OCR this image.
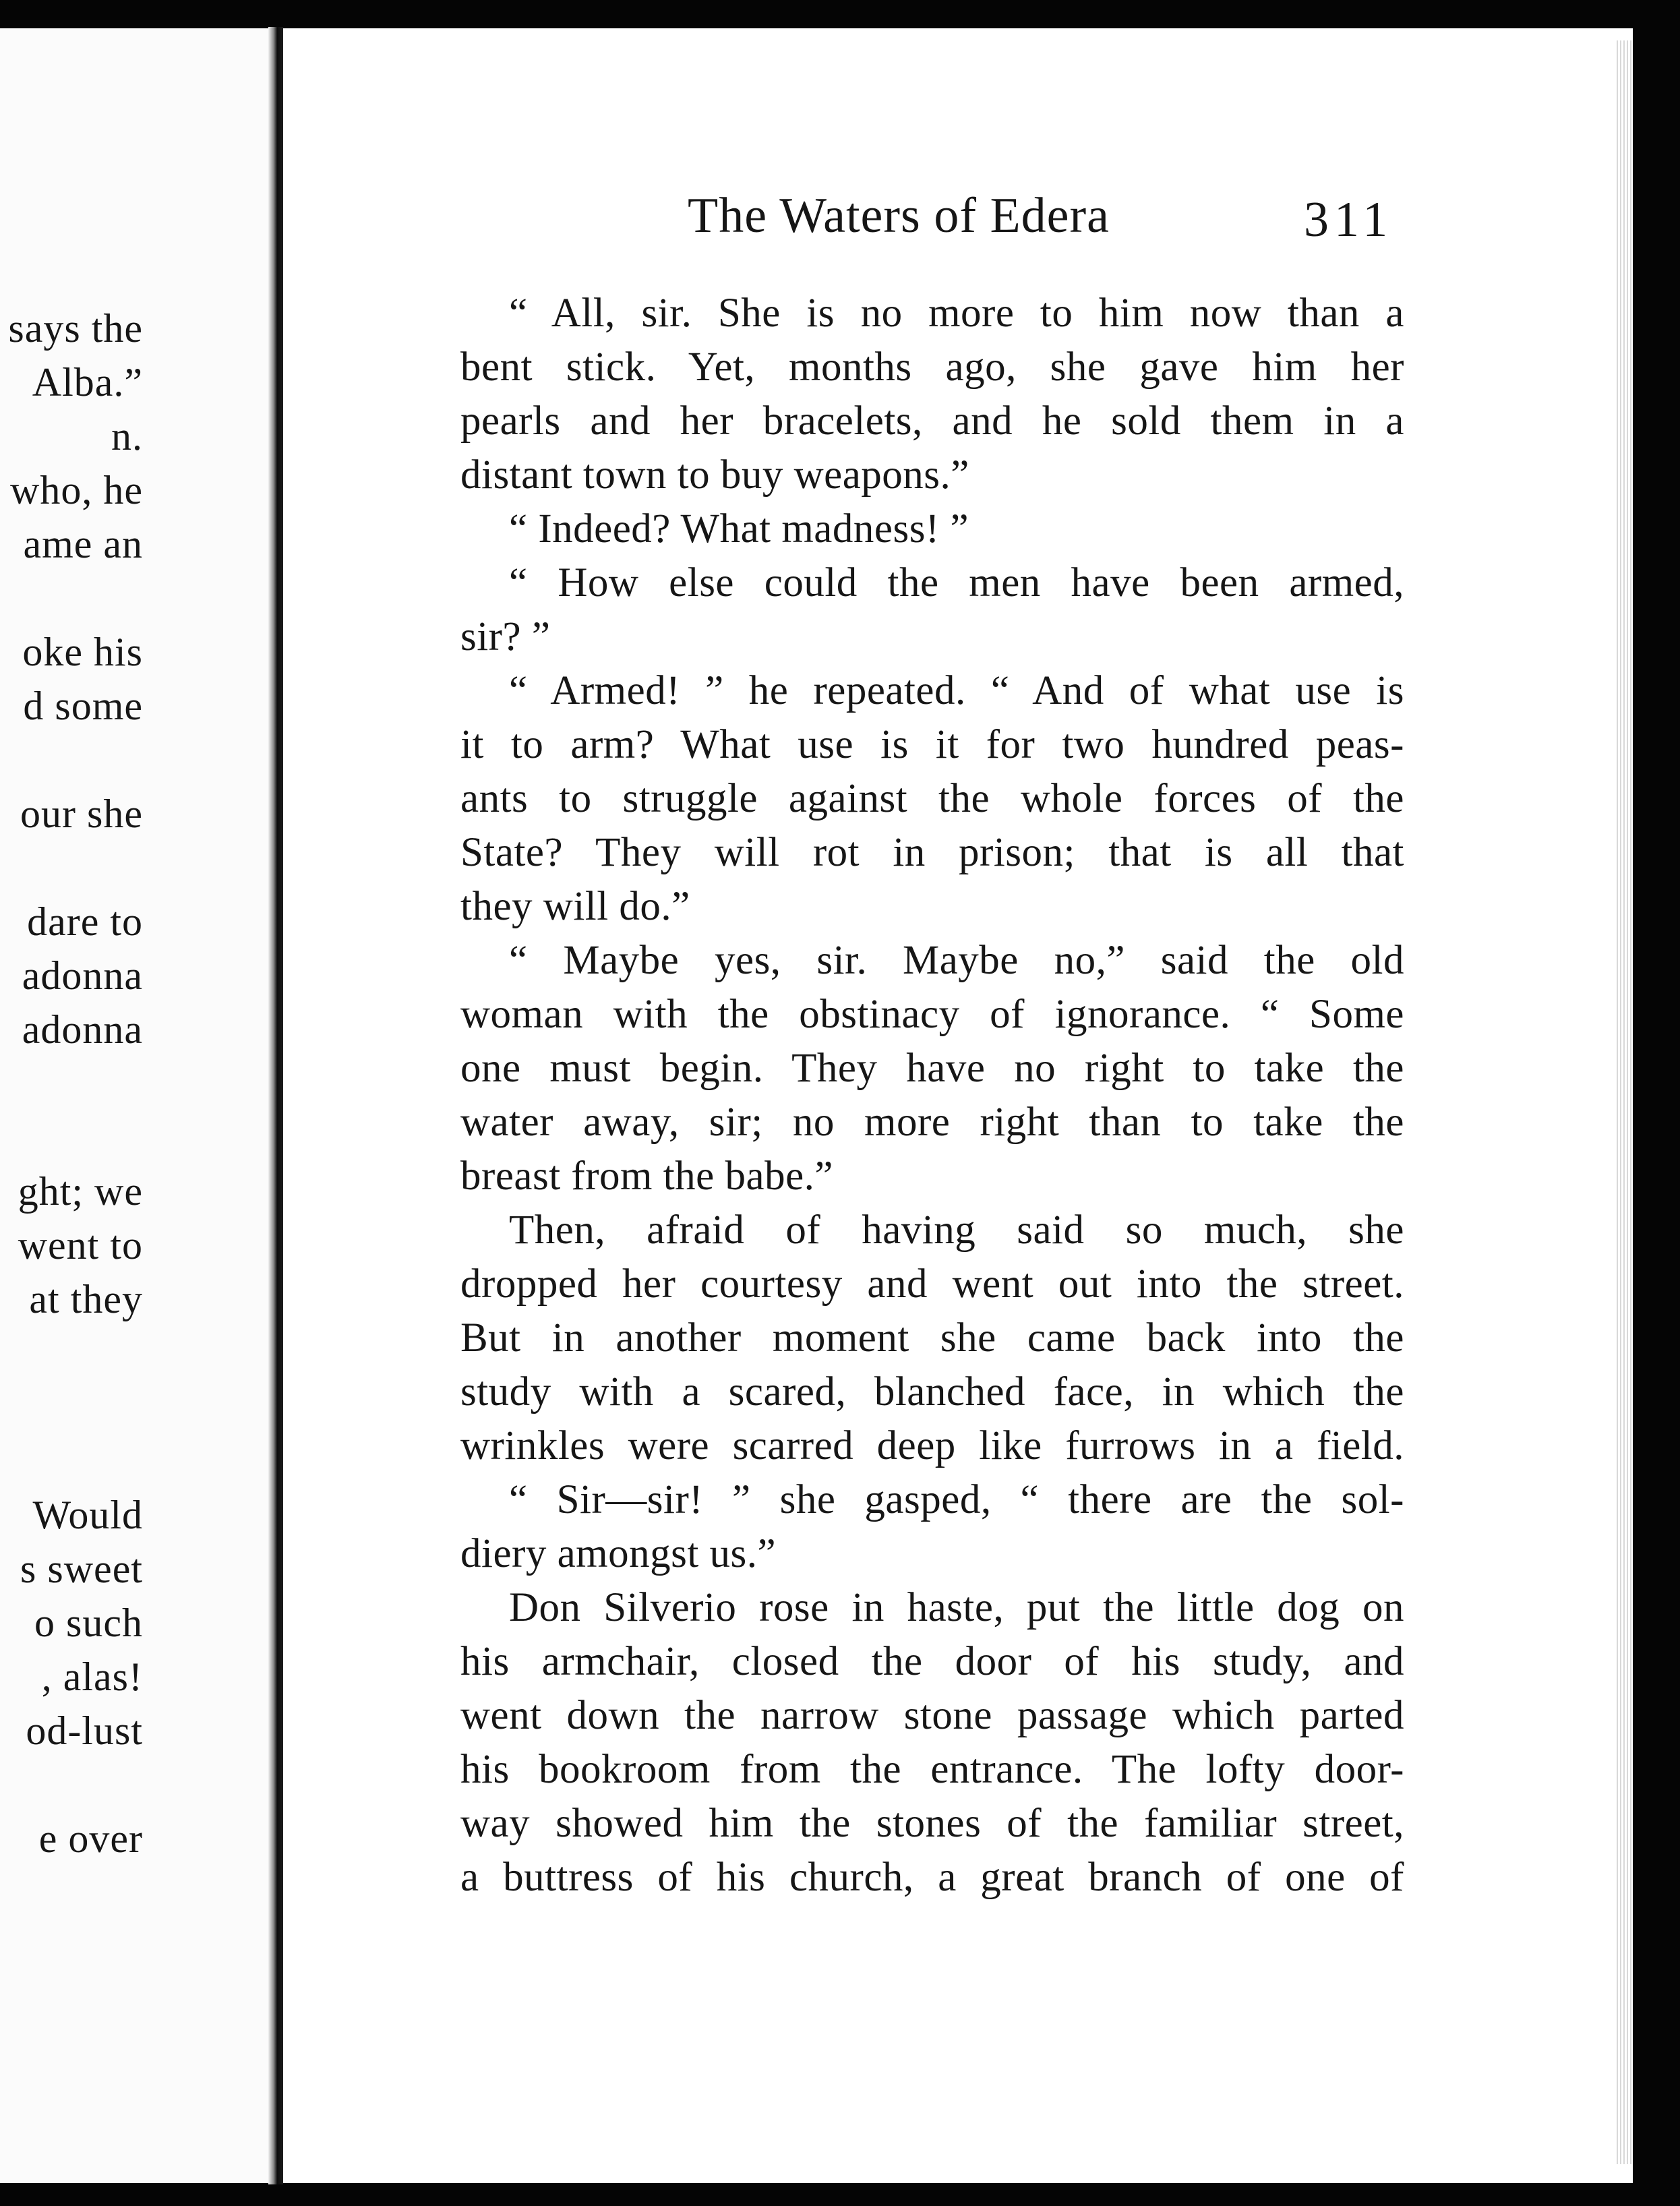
says the
Alba.”
n.
who, he
ame an
oke his
d some
our she
dare to
adonna
adonna
ght; we
went to
at they
Would
s sweet
o such
, alas!
od-lust
e over
The Waters of Edera	311
“ All, sir. She is no more to him now than a
bent stick. Yet, months ago, she gave him her
pearls and her bracelets, and he sold them in a
distant town to buy weapons.”
“ Indeed? What madness! ”
“ How else could the men have been armed,
sir? ”
“ Armed! ” he repeated. “ And of what use is
it to arm? What use is it for two hundred peas-
ants to struggle against the whole forces of the
State? They will rot in prison; that is all that
they will do.”
“ Maybe yes, sir. Maybe no,” said the old
woman with the obstinacy of ignorance. “ Some
one must begin. They have no right to take the
water away, sir; no more right than to take the
breast from the babe.”
Then, afraid of having said so much, she
dropped her courtesy and went out into the street.
But in another moment she came back into the
study with a scared, blanched face, in which the
wrinkles were scarred deep like furrows in a field.
“ Sir—sir! ” she gasped, “ there are the sol-
diery amongst us.”
Don Silverio rose in haste, put the little dog on
his armchair, closed the door of his study, and
went down the narrow stone passage which parted
his bookroom from the entrance. The lofty door-
way showed him the stones of the familiar street,
a buttress of his church, a great branch of one of
